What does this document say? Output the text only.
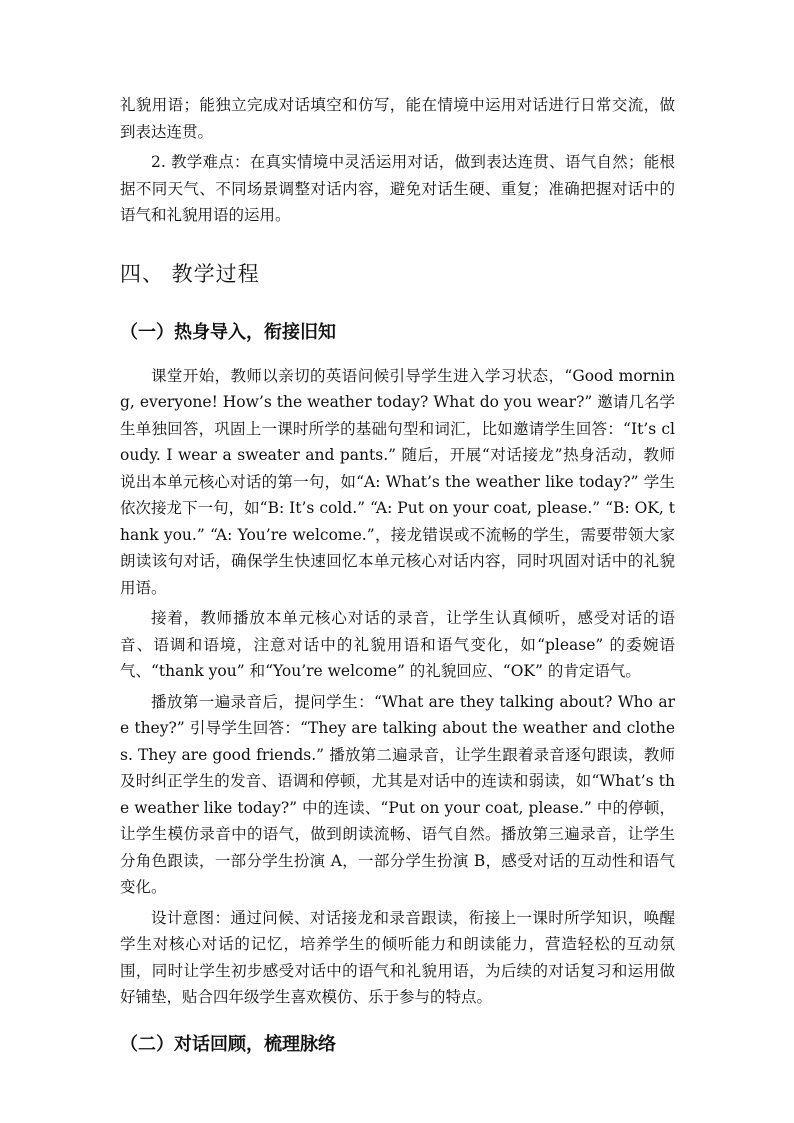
礼貌用语；能独立完成对话填空和仿写，能在情境中运用对话进行日常交流，做到表达连贯。

2. 教学难点：在真实情境中灵活运用对话，做到表达连贯、语气自然；能根据不同天气、不同场景调整对话内容，避免对话生硬、重复；准确把握对话中的语气和礼貌用语的运用。

四、 教学过程
（一）热身导入，衔接旧知

课堂开始，教师以亲切的英语问候引导学生进入学习状态，“Good morning, everyone! How’s the weather today? What do you wear?” 邀请几名学生单独回答，巩固上一课时所学的基础句型和词汇，比如邀请学生回答：“It’s cloudy. I wear a sweater and pants.” 随后，开展“对话接龙”热身活动，教师说出本单元核心对话的第一句，如“A: What’s the weather like today?” 学生依次接龙下一句，如“B: It’s cold.” “A: Put on your coat, please.” “B: OK, thank you.” “A: You’re welcome.”，接龙错误或不流畅的学生，需要带领大家朗读该句对话，确保学生快速回忆本单元核心对话内容，同时巩固对话中的礼貌用语。

接着，教师播放本单元核心对话的录音，让学生认真倾听，感受对话的语音、语调和语境，注意对话中的礼貌用语和语气变化，如“please” 的委婉语气、“thank you” 和“You’re welcome” 的礼貌回应、“OK” 的肯定语气。

播放第一遍录音后，提问学生：“What are they talking about? Who are they?” 引导学生回答：“They are talking about the weather and clothes. They are good friends.” 播放第二遍录音，让学生跟着录音逐句跟读，教师及时纠正学生的发音、语调和停顿，尤其是对话中的连读和弱读，如“What’s the weather like today?” 中的连读、“Put on your coat, please.” 中的停顿，让学生模仿录音中的语气，做到朗读流畅、语气自然。播放第三遍录音，让学生分角色跟读，一部分学生扮演 A，一部分学生扮演 B，感受对话的互动性和语气变化。

设计意图：通过问候、对话接龙和录音跟读，衔接上一课时所学知识，唤醒学生对核心对话的记忆，培养学生的倾听能力和朗读能力，营造轻松的互动氛围，同时让学生初步感受对话中的语气和礼貌用语，为后续的对话复习和运用做好铺垫，贴合四年级学生喜欢模仿、乐于参与的特点。

（二）对话回顾，梳理脉络
